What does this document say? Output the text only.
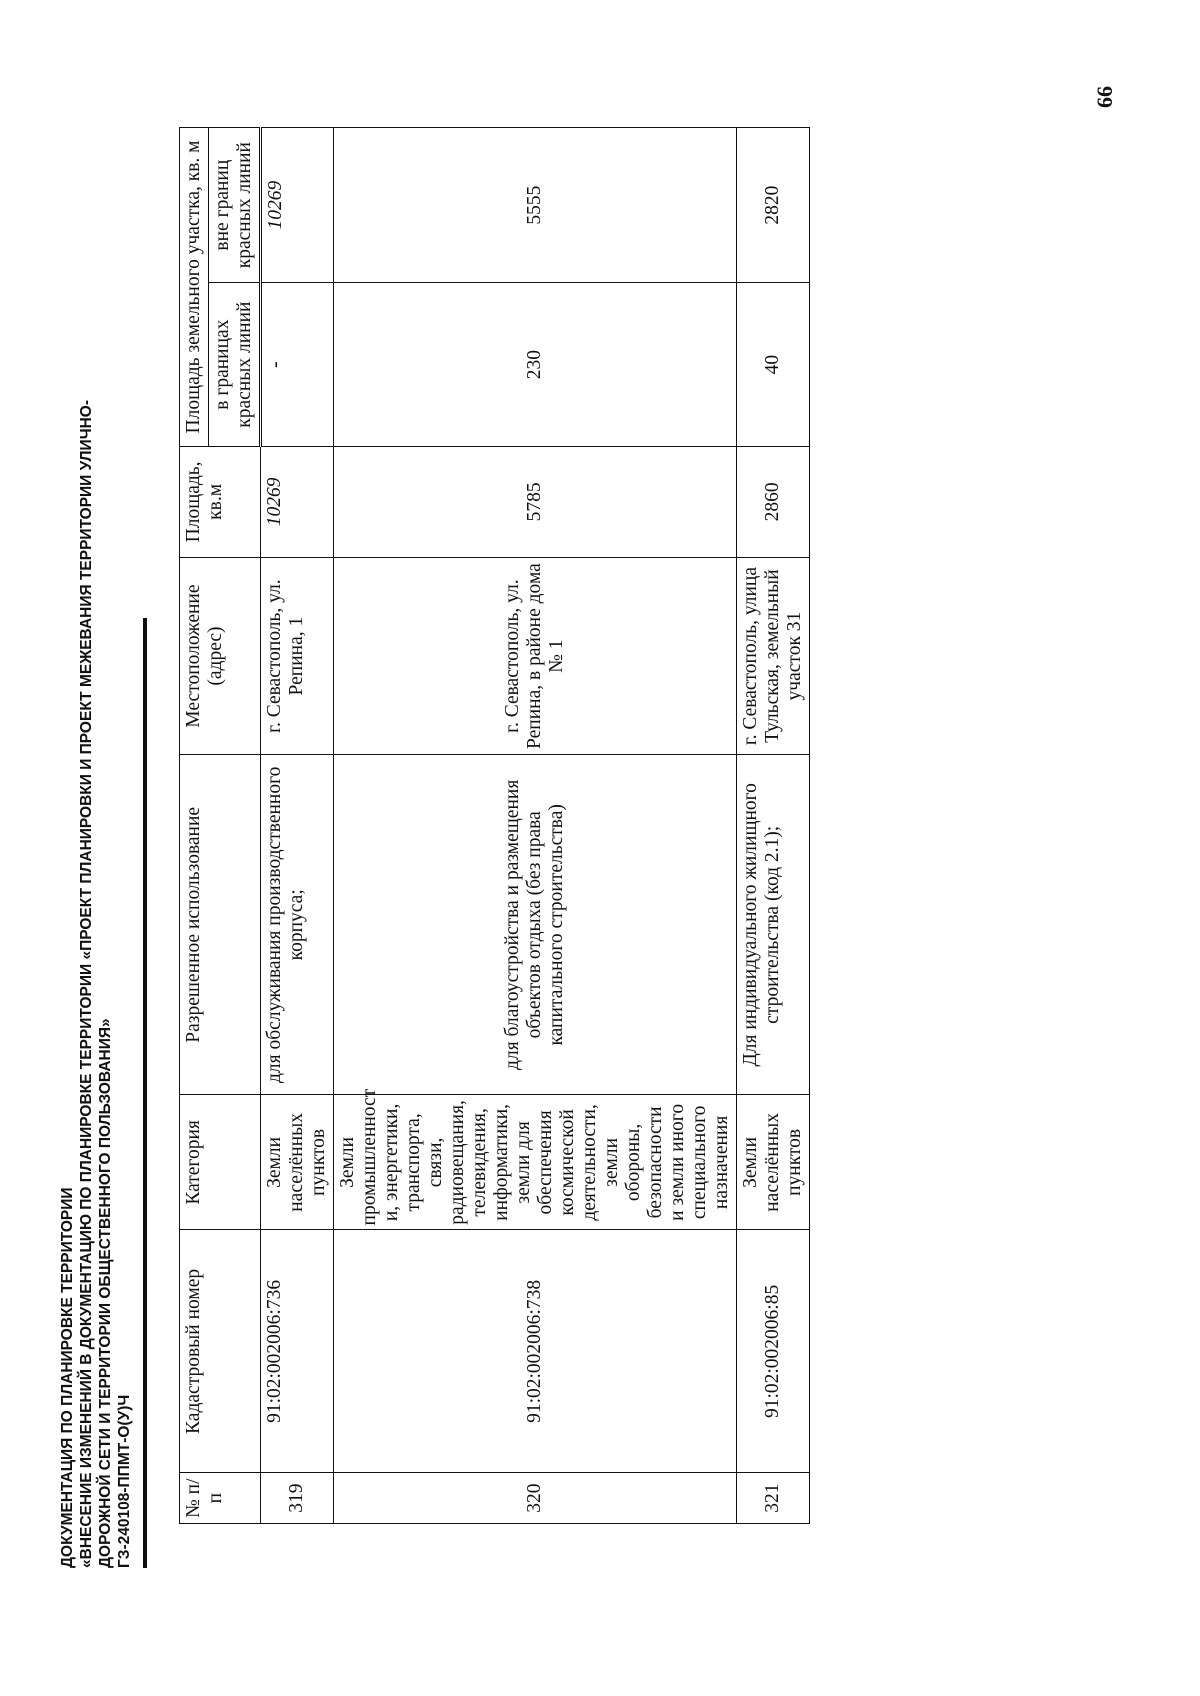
ДОКУМЕНТАЦИЯ ПО ПЛАНИРОВКЕ ТЕРРИТОРИИ «ВНЕСЕНИЕ ИЗМЕНЕНИЙ В ДОКУМЕНТАЦИЮ ПО ПЛАНИРОВКЕ ТЕРРИТОРИИ «ПРОЕКТ ПЛАНИРОВКИ И ПРОЕКТ МЕЖЕВАНИЯ ТЕРРИТОРИИ УЛИЧНО- ДОРОЖНОЙ СЕТИ И ТЕРРИТОРИИ ОБЩЕСТВЕННОГО ПОЛЬЗОВАНИЯ» ГЗ-240108-ППМТ-О(У)Ч
66
№ п/п	Кадастровый номер	Категория	Разрешенное использование	Местоположение (адрес)	Площадь, кв.м	Площадь земельного участка, кв. м	
						в границах красных линий	вне границ красных линий
319	91:02:002006:736	Земли населённых пунктов	для обслуживания производственного корпуса;	г. Севастополь, ул. Репина, 1	10269	-	10269
320	91:02:002006:738	Земли промышленност и, энергетики, транспорта, связи, радиовещания, телевидения, информатики, земли для обеспечения космической деятельности, земли обороны, безопасности и земли иного специального назначения	для благоустройства и размещения объектов отдыха (без права капитального строительства)	г. Севастополь, ул. Репина, в районе дома № 1	5785	230	5555
321	91:02:002006:85	Земли населённых пунктов	Для индивидуального жилищного строительства (код 2.1);	г. Севастополь, улица Тульская, земельный участок 31	2860	40	2820
